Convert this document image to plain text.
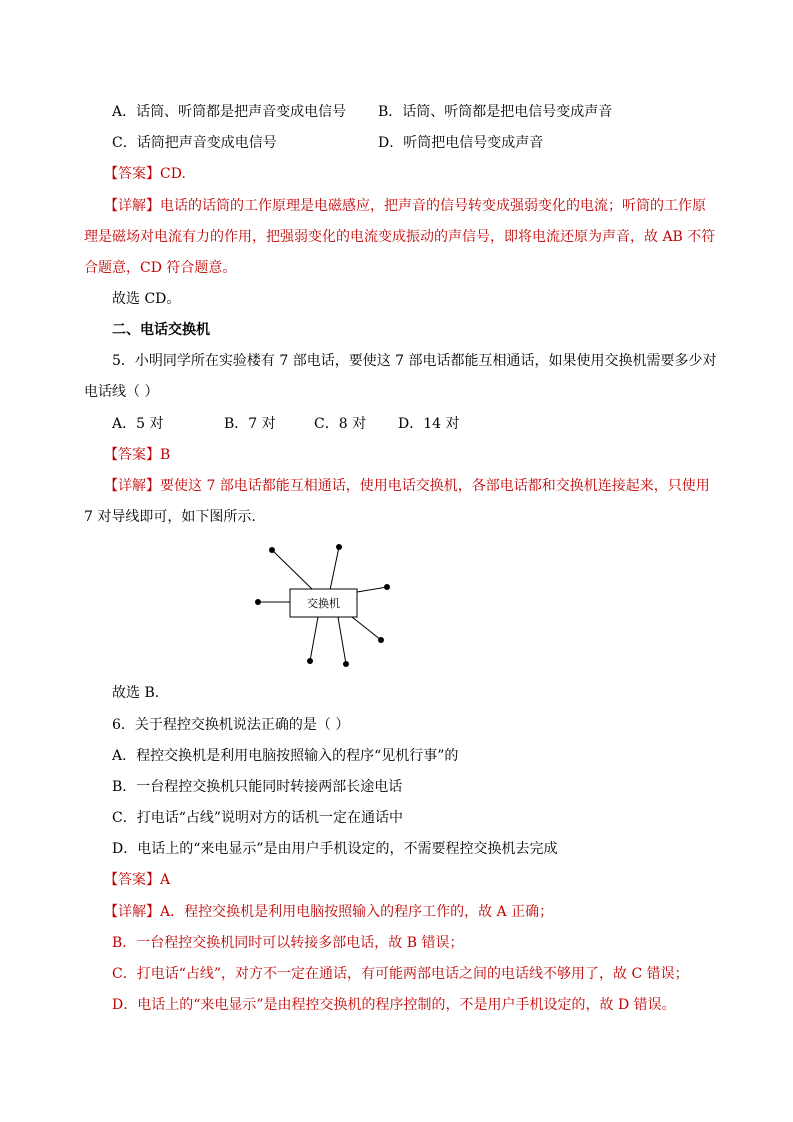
A．话筒、听筒都是把声音变成电信号 B．话筒、听筒都是把电信号变成声音
C．话筒把声音变成电信号	D．听筒把电信号变成声音
【答案】CD.
【详解】电话的话筒的工作原理是电磁感应，把声音的信号转变成强弱变化的电流；听筒的工作原
理是磁场对电流有力的作用，把强弱变化的电流变成振动的声信号，即将电流还原为声音，故 AB 不符
合题意，CD 符合题意。
故选 CD。
二、电话交换机
5．小明同学所在实验楼有 7 部电话，要使这 7 部电话都能互相通话，如果使用交换机需要多少对
电话线（ ）
A．5 对	B．7 对	C．8 对 D．14 对
【答案】B
【详解】要使这 7 部电话都能互相通话，使用电话交换机，各部电话都和交换机连接起来，只使用
7 对导线即可，如下图所示.
交换机
故选 B.
6．关于程控交换机说法正确的是（ ）
A．程控交换机是利用电脑按照输入的程序“见机行事”的
B．一台程控交换机只能同时转接两部长途电话
C．打电话“占线”说明对方的话机一定在通话中
D．电话上的“来电显示”是由用户手机设定的，不需要程控交换机去完成
【答案】A
【详解】A．程控交换机是利用电脑按照输入的程序工作的，故 A 正确；
B．一台程控交换机同时可以转接多部电话，故 B 错误；
C．打电话“占线”，对方不一定在通话，有可能两部电话之间的电话线不够用了，故 C 错误；
D．电话上的“来电显示”是由程控交换机的程序控制的，不是用户手机设定的，故 D 错误。
